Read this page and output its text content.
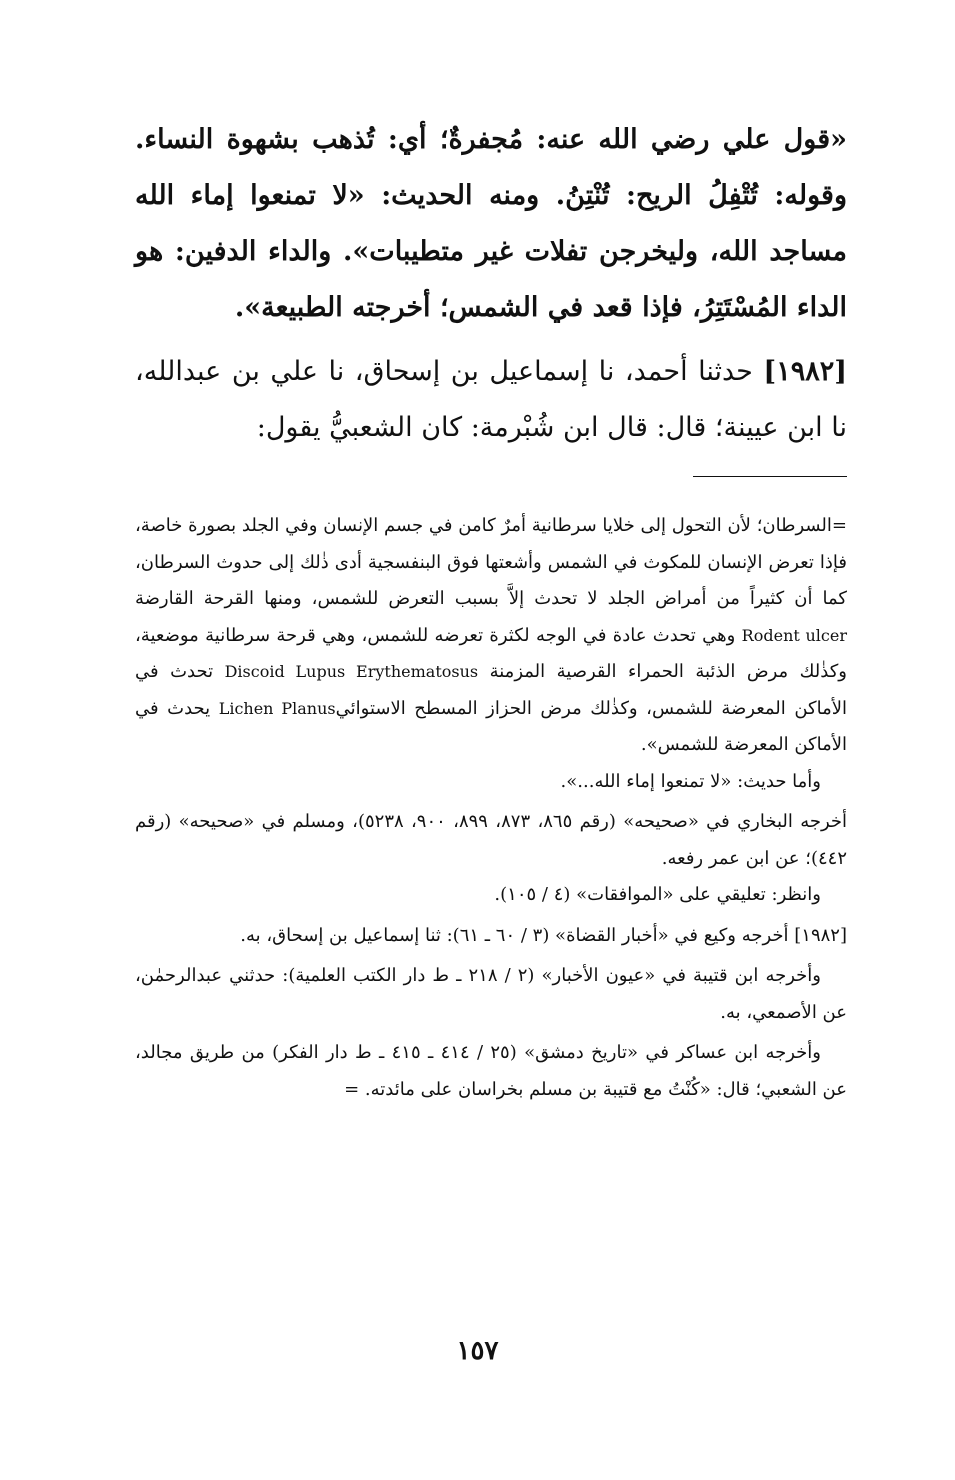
«قول علي رضي الله عنه: مُجفرةٌ؛ أي: تُذهب بشهوة النساء. وقوله: تُتْفِلُ الريح: تُنْتِنُ. ومنه الحديث: «لا تمنعوا إماء الله مساجد الله، وليخرجن تفلات غير متطيبات». والداء الدفين: هو الداء المُسْتَتِرُ، فإذا قعد في الشمس؛ أخرجته الطبيعة».

[١٩٨٢] حدثنا أحمد، نا إسماعيل بن إسحاق، نا علي بن عبدالله، نا ابن عيينة؛ قال: قال ابن شُبْرمة: كان الشعبيُّ يقول:

=السرطان؛ لأن التحول إلى خلايا سرطانية أمرٌ كامن في جسم الإنسان وفي الجلد بصورة خاصة، فإذا تعرض الإنسان للمكوث في الشمس وأشعتها فوق البنفسجية أدى ذٰلك إلى حدوث السرطان، كما أن كثيراً من أمراض الجلد لا تحدث إلاَّ بسبب التعرض للشمس، ومنها القرحة القارضة Rodent ulcer وهي تحدث عادة في الوجه لكثرة تعرضه للشمس، وهي قرحة سرطانية موضعية، وكذٰلك مرض الذئبة الحمراء القرصية المزمنة Discoid Lupus Erythematosus تحدث في الأماكن المعرضة للشمس، وكذٰلك مرض الحزاز المسطح الاستوائيLichen Planus يحدث في الأماكن المعرضة للشمس».

وأما حديث: «لا تمنعوا إماء الله...».

أخرجه البخاري في «صحيحه» (رقم ٨٦٥، ٨٧٣، ٨٩٩، ٩٠٠، ٥٢٣٨)، ومسلم في «صحيحه» (رقم ٤٤٢)؛ عن ابن عمر رفعه.

وانظر: تعليقي على «الموافقات» (٤ / ١٠٥).

[١٩٨٢] أخرجه وكيع في «أخبار القضاة» (٣ / ٦٠ ـ ٦١): ثنا إسماعيل بن إسحاق، به.

وأخرجه ابن قتيبة في «عيون الأخبار» (٢ / ٢١٨ ـ ط دار الكتب العلمية): حدثني عبدالرحمٰن، عن الأصمعي، به.

وأخرجه ابن عساكر في «تاريخ دمشق» (٢٥ / ٤١٤ ـ ٤١٥ ـ ط دار الفكر) من طريق مجالد، عن الشعبي؛ قال: «كُنْتُ مع قتيبة بن مسلم بخراسان على مائدته. =

١٥٧
